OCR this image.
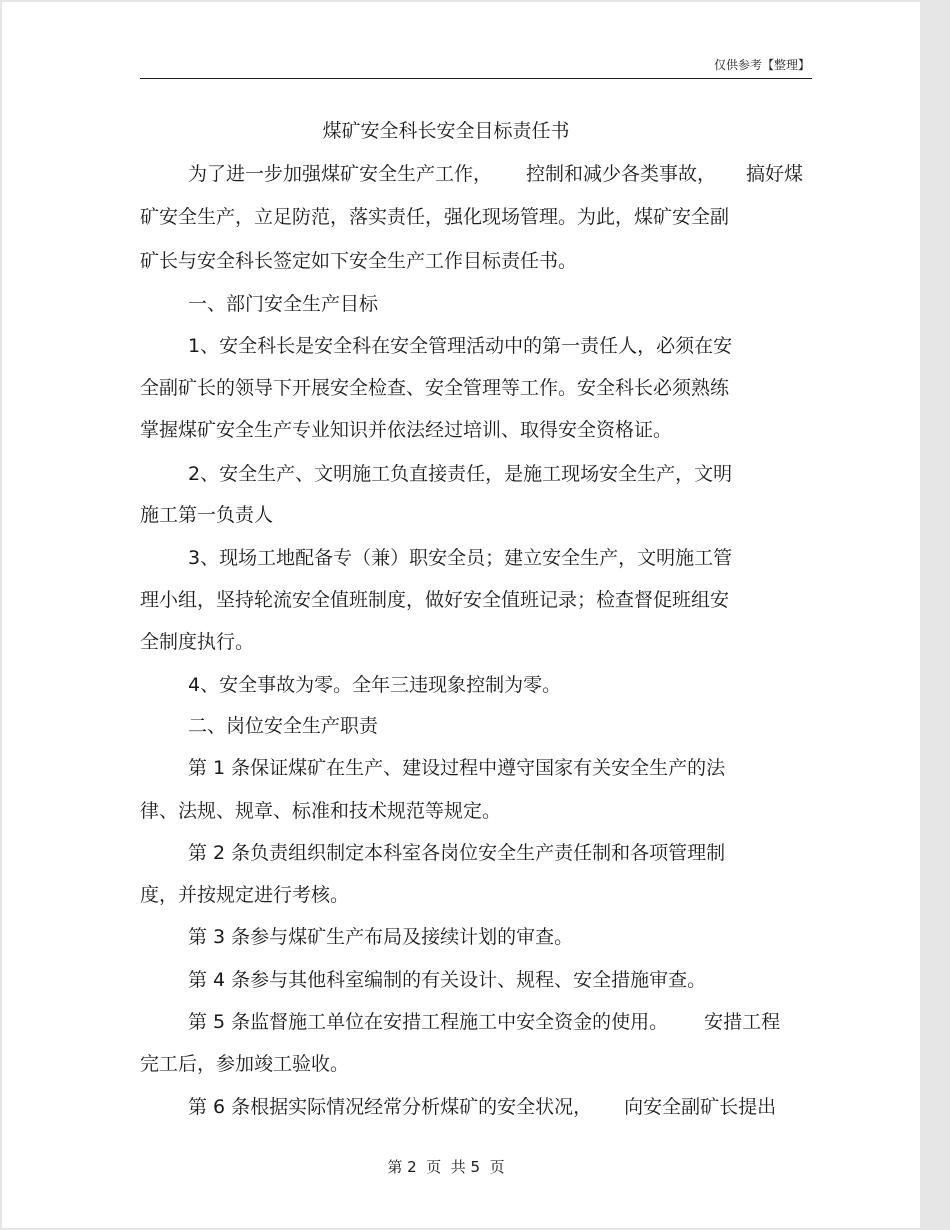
仅供参考【整理】
煤矿安全科长安全目标责任书
为了进一步加强煤矿安全生产工作， 控制和减少各类事故， 搞好煤
矿安全生产，立足防范，落实责任，强化现场管理。为此，煤矿安全副
矿长与安全科长签定如下安全生产工作目标责任书。
一、部门安全生产目标
1、安全科长是安全科在安全管理活动中的第一责任人，必须在安
全副矿长的领导下开展安全检查、安全管理等工作。安全科长必须熟练
掌握煤矿安全生产专业知识并依法经过培训、取得安全资格证。
2、安全生产、文明施工负直接责任，是施工现场安全生产，文明
施工第一负责人
3、现场工地配备专（兼）职安全员；建立安全生产，文明施工管
理小组，坚持轮流安全值班制度，做好安全值班记录；检查督促班组安
全制度执行。
4、安全事故为零。全年三违现象控制为零。
二、岗位安全生产职责
第 1 条保证煤矿在生产、建设过程中遵守国家有关安全生产的法
律、法规、规章、标准和技术规范等规定。
第 2 条负责组织制定本科室各岗位安全生产责任制和各项管理制
度，并按规定进行考核。
第 3 条参与煤矿生产布局及接续计划的审查。
第 4 条参与其他科室编制的有关设计、规程、安全措施审查。
第 5 条监督施工单位在安措工程施工中安全资金的使用。 安措工程
完工后，参加竣工验收。
第 6 条根据实际情况经常分析煤矿的安全状况， 向安全副矿长提出
第 2  页  共 5  页
